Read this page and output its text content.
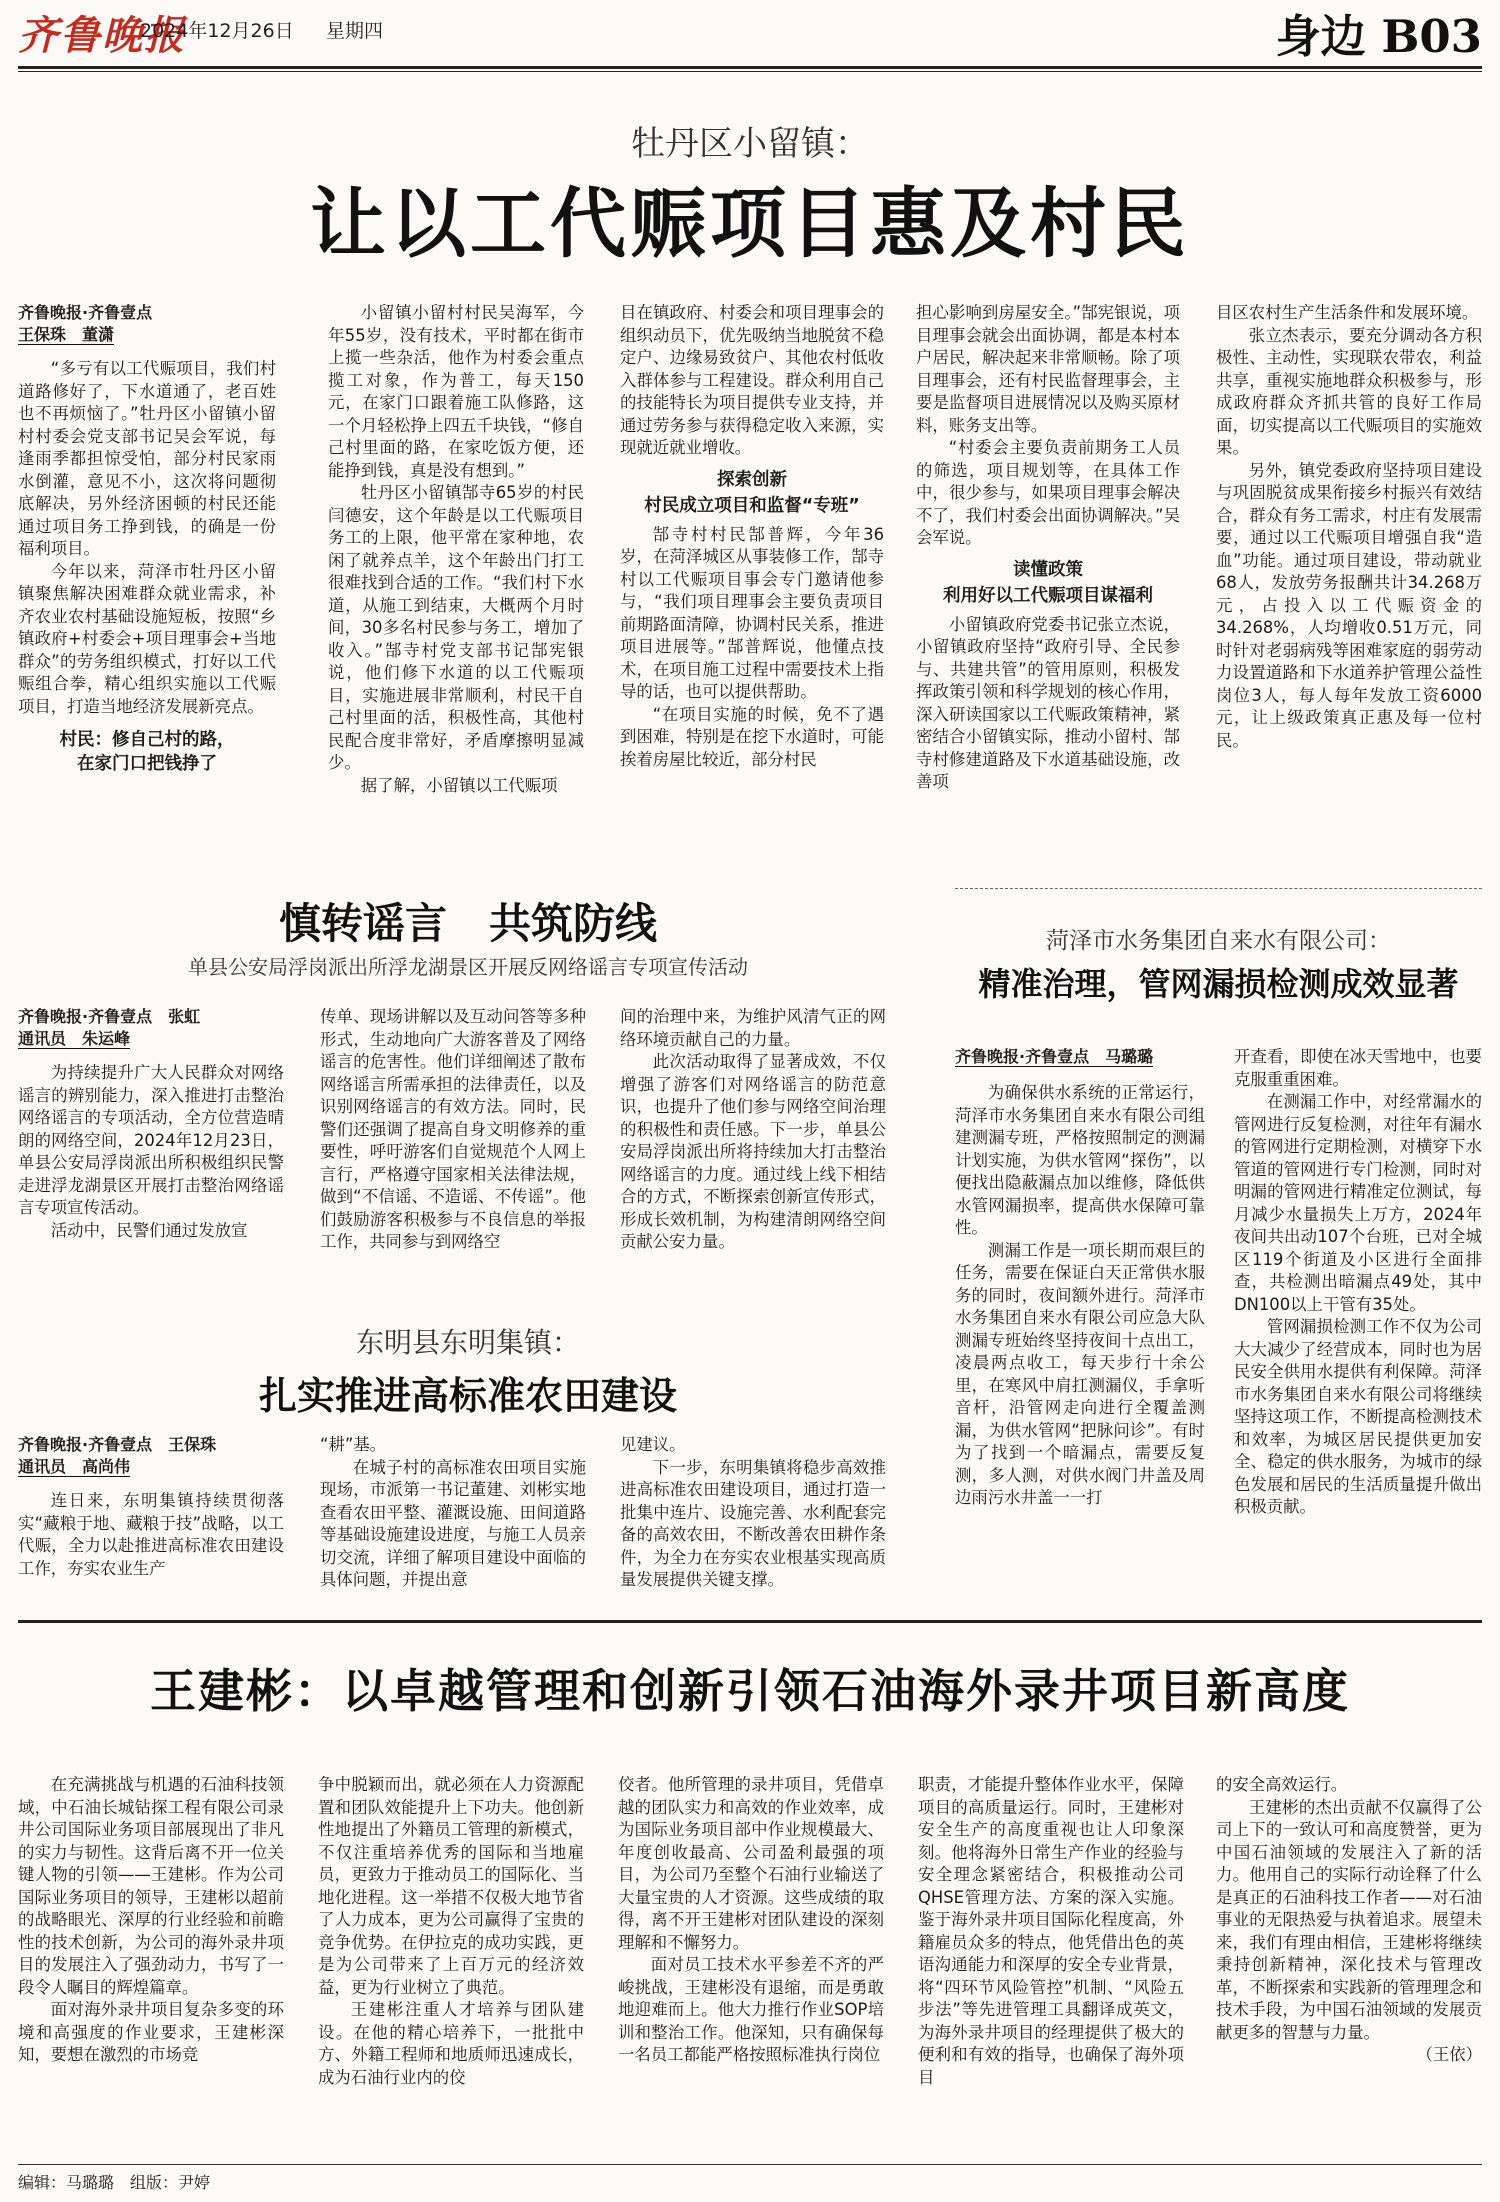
齐鲁晚报
2024年12月26日 星期四	身边 B03
牡丹区小留镇：
让以工代赈项目惠及村民
齐鲁晚报·齐鲁壹点
王保珠　董潇

“多亏有以工代赈项目，我们村道路修好了，下水道通了，老百姓也不再烦恼了。”牡丹区小留镇小留村村委会党支部书记吴会军说，每逢雨季都担惊受怕，部分村民家雨水倒灌，意见不小，这次将问题彻底解决，另外经济困顿的村民还能通过项目务工挣到钱，的确是一份福利项目。

今年以来，菏泽市牡丹区小留镇聚焦解决困难群众就业需求，补齐农业农村基础设施短板，按照“乡镇政府+村委会+项目理事会+当地群众”的劳务组织模式，打好以工代赈组合拳，精心组织实施以工代赈项目，打造当地经济发展新亮点。

村民：修自己村的路，
在家门口把钱挣了

小留镇小留村村民吴海军，今年55岁，没有技术，平时都在街市上揽一些杂活，他作为村委会重点揽工对象，作为普工，每天150元，在家门口跟着施工队修路，这一个月轻松挣上四五千块钱，“修自己村里面的路，在家吃饭方便，还能挣到钱，真是没有想到。”

牡丹区小留镇郜寺65岁的村民闫德安，这个年龄是以工代赈项目务工的上限，他平常在家种地，农闲了就养点羊，这个年龄出门打工很难找到合适的工作。“我们村下水道，从施工到结束，大概两个月时间，30多名村民参与务工，增加了收入。”郜寺村党支部书记郜宪银说，他们修下水道的以工代赈项目，实施进展非常顺利，村民干自己村里面的活，积极性高，其他村民配合度非常好，矛盾摩擦明显减少。

据了解，小留镇以工代赈项

目在镇政府、村委会和项目理事会的组织动员下，优先吸纳当地脱贫不稳定户、边缘易致贫户、其他农村低收入群体参与工程建设。群众利用自己的技能特长为项目提供专业支持，并通过劳务参与获得稳定收入来源，实现就近就业增收。

探索创新
村民成立项目和监督“专班”

郜寺村村民郜普辉，今年36岁，在菏泽城区从事装修工作，郜寺村以工代赈项目事会专门邀请他参与，“我们项目理事会主要负责项目前期路面清障，协调村民关系，推进项目进展等。”郜普辉说，他懂点技术，在项目施工过程中需要技术上指导的话，也可以提供帮助。

“在项目实施的时候，免不了遇到困难，特别是在挖下水道时，可能挨着房屋比较近，部分村民

担心影响到房屋安全。”郜宪银说，项目理事会就会出面协调，都是本村本户居民，解决起来非常顺畅。除了项目理事会，还有村民监督理事会，主要是监督项目进展情况以及购买原材料，账务支出等。

“村委会主要负责前期务工人员的筛选，项目规划等，在具体工作中，很少参与，如果项目理事会解决不了，我们村委会出面协调解决。”吴会军说。

读懂政策
利用好以工代赈项目谋福利

小留镇政府党委书记张立杰说，小留镇政府坚持“政府引导、全民参与、共建共管”的管用原则，积极发挥政策引领和科学规划的核心作用，深入研读国家以工代赈政策精神，紧密结合小留镇实际，推动小留村、郜寺村修建道路及下水道基础设施，改善项

目区农村生产生活条件和发展环境。

张立杰表示，要充分调动各方积极性、主动性，实现联农带农，利益共享，重视实施地群众积极参与，形成政府群众齐抓共管的良好工作局面，切实提高以工代赈项目的实施效果。

另外，镇党委政府坚持项目建设与巩固脱贫成果衔接乡村振兴有效结合，群众有务工需求，村庄有发展需要，通过以工代赈项目增强自我“造血”功能。通过项目建设，带动就业68人，发放劳务报酬共计34.268万元，占投入以工代赈资金的34.268%，人均增收0.51万元，同时针对老弱病残等困难家庭的弱劳动力设置道路和下水道养护管理公益性岗位3人，每人每年发放工资6000元，让上级政策真正惠及每一位村民。

慎转谣言　共筑防线
单县公安局浮岗派出所浮龙湖景区开展反网络谣言专项宣传活动
齐鲁晚报·齐鲁壹点　张虹
通讯员　朱运峰

为持续提升广大人民群众对网络谣言的辨别能力，深入推进打击整治网络谣言的专项活动，全方位营造晴朗的网络空间，2024年12月23日，单县公安局浮岗派出所积极组织民警走进浮龙湖景区开展打击整治网络谣言专项宣传活动。

活动中，民警们通过发放宣

传单、现场讲解以及互动问答等多种形式，生动地向广大游客普及了网络谣言的危害性。他们详细阐述了散布网络谣言所需承担的法律责任，以及识别网络谣言的有效方法。同时，民警们还强调了提高自身文明修养的重要性，呼吁游客们自觉规范个人网上言行，严格遵守国家相关法律法规，做到“不信谣、不造谣、不传谣”。他们鼓励游客积极参与不良信息的举报工作，共同参与到网络空

间的治理中来，为维护风清气正的网络环境贡献自己的力量。

此次活动取得了显著成效，不仅增强了游客们对网络谣言的防范意识，也提升了他们参与网络空间治理的积极性和责任感。下一步，单县公安局浮岗派出所将持续加大打击整治网络谣言的力度。通过线上线下相结合的方式，不断探索创新宣传形式，形成长效机制，为构建清朗网络空间贡献公安力量。

东明县东明集镇：
扎实推进高标准农田建设
齐鲁晚报·齐鲁壹点　王保珠
通讯员　高尚伟

连日来，东明集镇持续贯彻落实“藏粮于地、藏粮于技”战略，以工代赈，全力以赴推进高标准农田建设工作，夯实农业生产

“耕”基。

在城子村的高标准农田项目实施现场，市派第一书记董建、刘彬实地查看农田平整、灌溉设施、田间道路等基础设施建设进度，与施工人员亲切交流，详细了解项目建设中面临的具体问题，并提出意

见建议。

下一步，东明集镇将稳步高效推进高标准农田建设项目，通过打造一批集中连片、设施完善、水利配套完备的高效农田，不断改善农田耕作条件，为全力在夯实农业根基实现高质量发展提供关键支撑。

菏泽市水务集团自来水有限公司：
精准治理，管网漏损检测成效显著
齐鲁晚报·齐鲁壹点　马璐璐

为确保供水系统的正常运行，菏泽市水务集团自来水有限公司组建测漏专班，严格按照制定的测漏计划实施，为供水管网“探伤”，以便找出隐蔽漏点加以维修，降低供水管网漏损率，提高供水保障可靠性。

测漏工作是一项长期而艰巨的任务，需要在保证白天正常供水服务的同时，夜间额外进行。菏泽市水务集团自来水有限公司应急大队测漏专班始终坚持夜间十点出工，凌晨两点收工，每天步行十余公里，在寒风中肩扛测漏仪，手拿听音杆，沿管网走向进行全覆盖测漏，为供水管网“把脉问诊”。有时为了找到一个暗漏点，需要反复测，多人测，对供水阀门井盖及周边雨污水井盖一一打

开查看，即使在冰天雪地中，也要克服重重困难。

在测漏工作中，对经常漏水的管网进行反复检测，对往年有漏水的管网进行定期检测，对横穿下水管道的管网进行专门检测，同时对明漏的管网进行精准定位测试，每月减少水量损失上万方，2024年夜间共出动107个台班，已对全城区119个街道及小区进行全面排查，共检测出暗漏点49处，其中DN100以上干管有35处。

管网漏损检测工作不仅为公司大大减少了经营成本，同时也为居民安全供用水提供有利保障。菏泽市水务集团自来水有限公司将继续坚持这项工作，不断提高检测技术和效率，为城区居民提供更加安全、稳定的供水服务，为城市的绿色发展和居民的生活质量提升做出积极贡献。

王建彬：以卓越管理和创新引领石油海外录井项目新高度

在充满挑战与机遇的石油科技领域，中石油长城钻探工程有限公司录井公司国际业务项目部展现出了非凡的实力与韧性。这背后离不开一位关键人物的引领——王建彬。作为公司国际业务项目的领导，王建彬以超前的战略眼光、深厚的行业经验和前瞻性的技术创新，为公司的海外录井项目的发展注入了强劲动力，书写了一段令人瞩目的辉煌篇章。

面对海外录井项目复杂多变的环境和高强度的作业要求，王建彬深知，要想在激烈的市场竞

争中脱颖而出，就必须在人力资源配置和团队效能提升上下功夫。他创新性地提出了外籍员工管理的新模式，不仅注重培养优秀的国际和当地雇员，更致力于推动员工的国际化、当地化进程。这一举措不仅极大地节省了人力成本，更为公司赢得了宝贵的竞争优势。在伊拉克的成功实践，更是为公司带来了上百万元的经济效益，更为行业树立了典范。

王建彬注重人才培养与团队建设。在他的精心培养下，一批批中方、外籍工程师和地质师迅速成长，成为石油行业内的佼

佼者。他所管理的录井项目，凭借卓越的团队实力和高效的作业效率，成为国际业务项目部中作业规模最大、年度创收最高、公司盈利最强的项目，为公司乃至整个石油行业输送了大量宝贵的人才资源。这些成绩的取得，离不开王建彬对团队建设的深刻理解和不懈努力。

面对员工技术水平参差不齐的严峻挑战，王建彬没有退缩，而是勇敢地迎难而上。他大力推行作业SOP培训和整治工作。他深知，只有确保每一名员工都能严格按照标准执行岗位

职责，才能提升整体作业水平，保障项目的高质量运行。同时，王建彬对安全生产的高度重视也让人印象深刻。他将海外日常生产作业的经验与安全理念紧密结合，积极推动公司QHSE管理方法、方案的深入实施。鉴于海外录井项目国际化程度高，外籍雇员众多的特点，他凭借出色的英语沟通能力和深厚的安全专业背景，将“四环节风险管控”机制、“风险五步法”等先进管理工具翻译成英文，为海外录井项目的经理提供了极大的便利和有效的指导，也确保了海外项目

的安全高效运行。

王建彬的杰出贡献不仅赢得了公司上下的一致认可和高度赞誉，更为中国石油领域的发展注入了新的活力。他用自己的实际行动诠释了什么是真正的石油科技工作者——对石油事业的无限热爱与执着追求。展望未来，我们有理由相信，王建彬将继续秉持创新精神，深化技术与管理改革，不断探索和实践新的管理理念和技术手段，为中国石油领域的发展贡献更多的智慧与力量。

（王依）
编辑：马璐璐　组版：尹婷
